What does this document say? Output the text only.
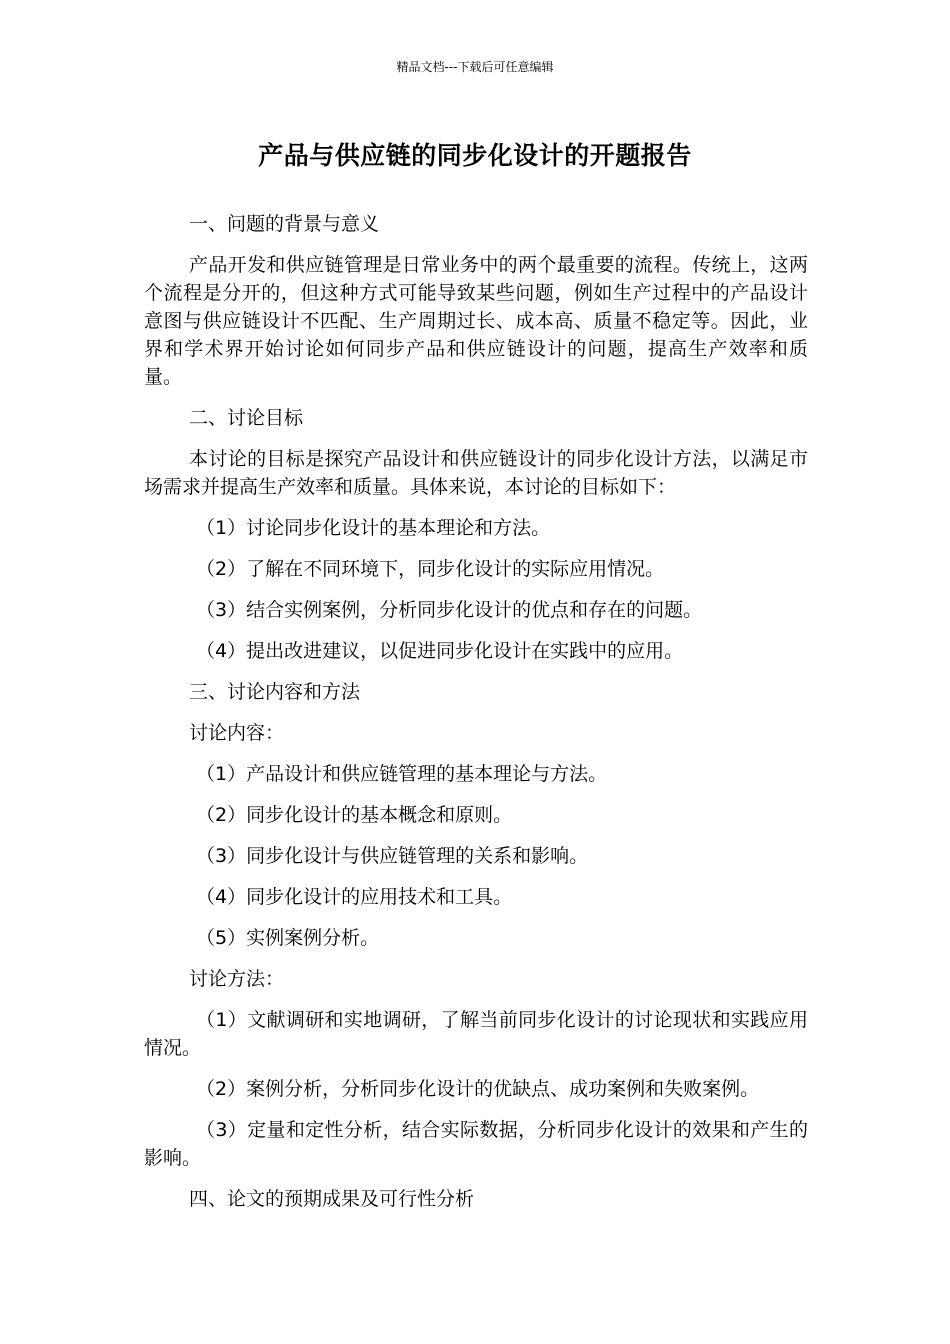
精品文档---下载后可任意编辑
产品与供应链的同步化设计的开题报告

一、问题的背景与意义

产品开发和供应链管理是日常业务中的两个最重要的流程。传统上，这两个流程是分开的，但这种方式可能导致某些问题，例如生产过程中的产品设计意图与供应链设计不匹配、生产周期过长、成本高、质量不稳定等。因此，业界和学术界开始讨论如何同步产品和供应链设计的问题，提高生产效率和质量。

二、讨论目标

本讨论的目标是探究产品设计和供应链设计的同步化设计方法，以满足市场需求并提高生产效率和质量。具体来说，本讨论的目标如下：

（1）讨论同步化设计的基本理论和方法。

（2）了解在不同环境下，同步化设计的实际应用情况。

（3）结合实例案例，分析同步化设计的优点和存在的问题。

（4）提出改进建议，以促进同步化设计在实践中的应用。

三、讨论内容和方法

讨论内容：

（1）产品设计和供应链管理的基本理论与方法。

（2）同步化设计的基本概念和原则。

（3）同步化设计与供应链管理的关系和影响。

（4）同步化设计的应用技术和工具。

（5）实例案例分析。

讨论方法：

（1）文献调研和实地调研，了解当前同步化设计的讨论现状和实践应用情况。

（2）案例分析，分析同步化设计的优缺点、成功案例和失败案例。

（3）定量和定性分析，结合实际数据，分析同步化设计的效果和产生的影响。

四、论文的预期成果及可行性分析
